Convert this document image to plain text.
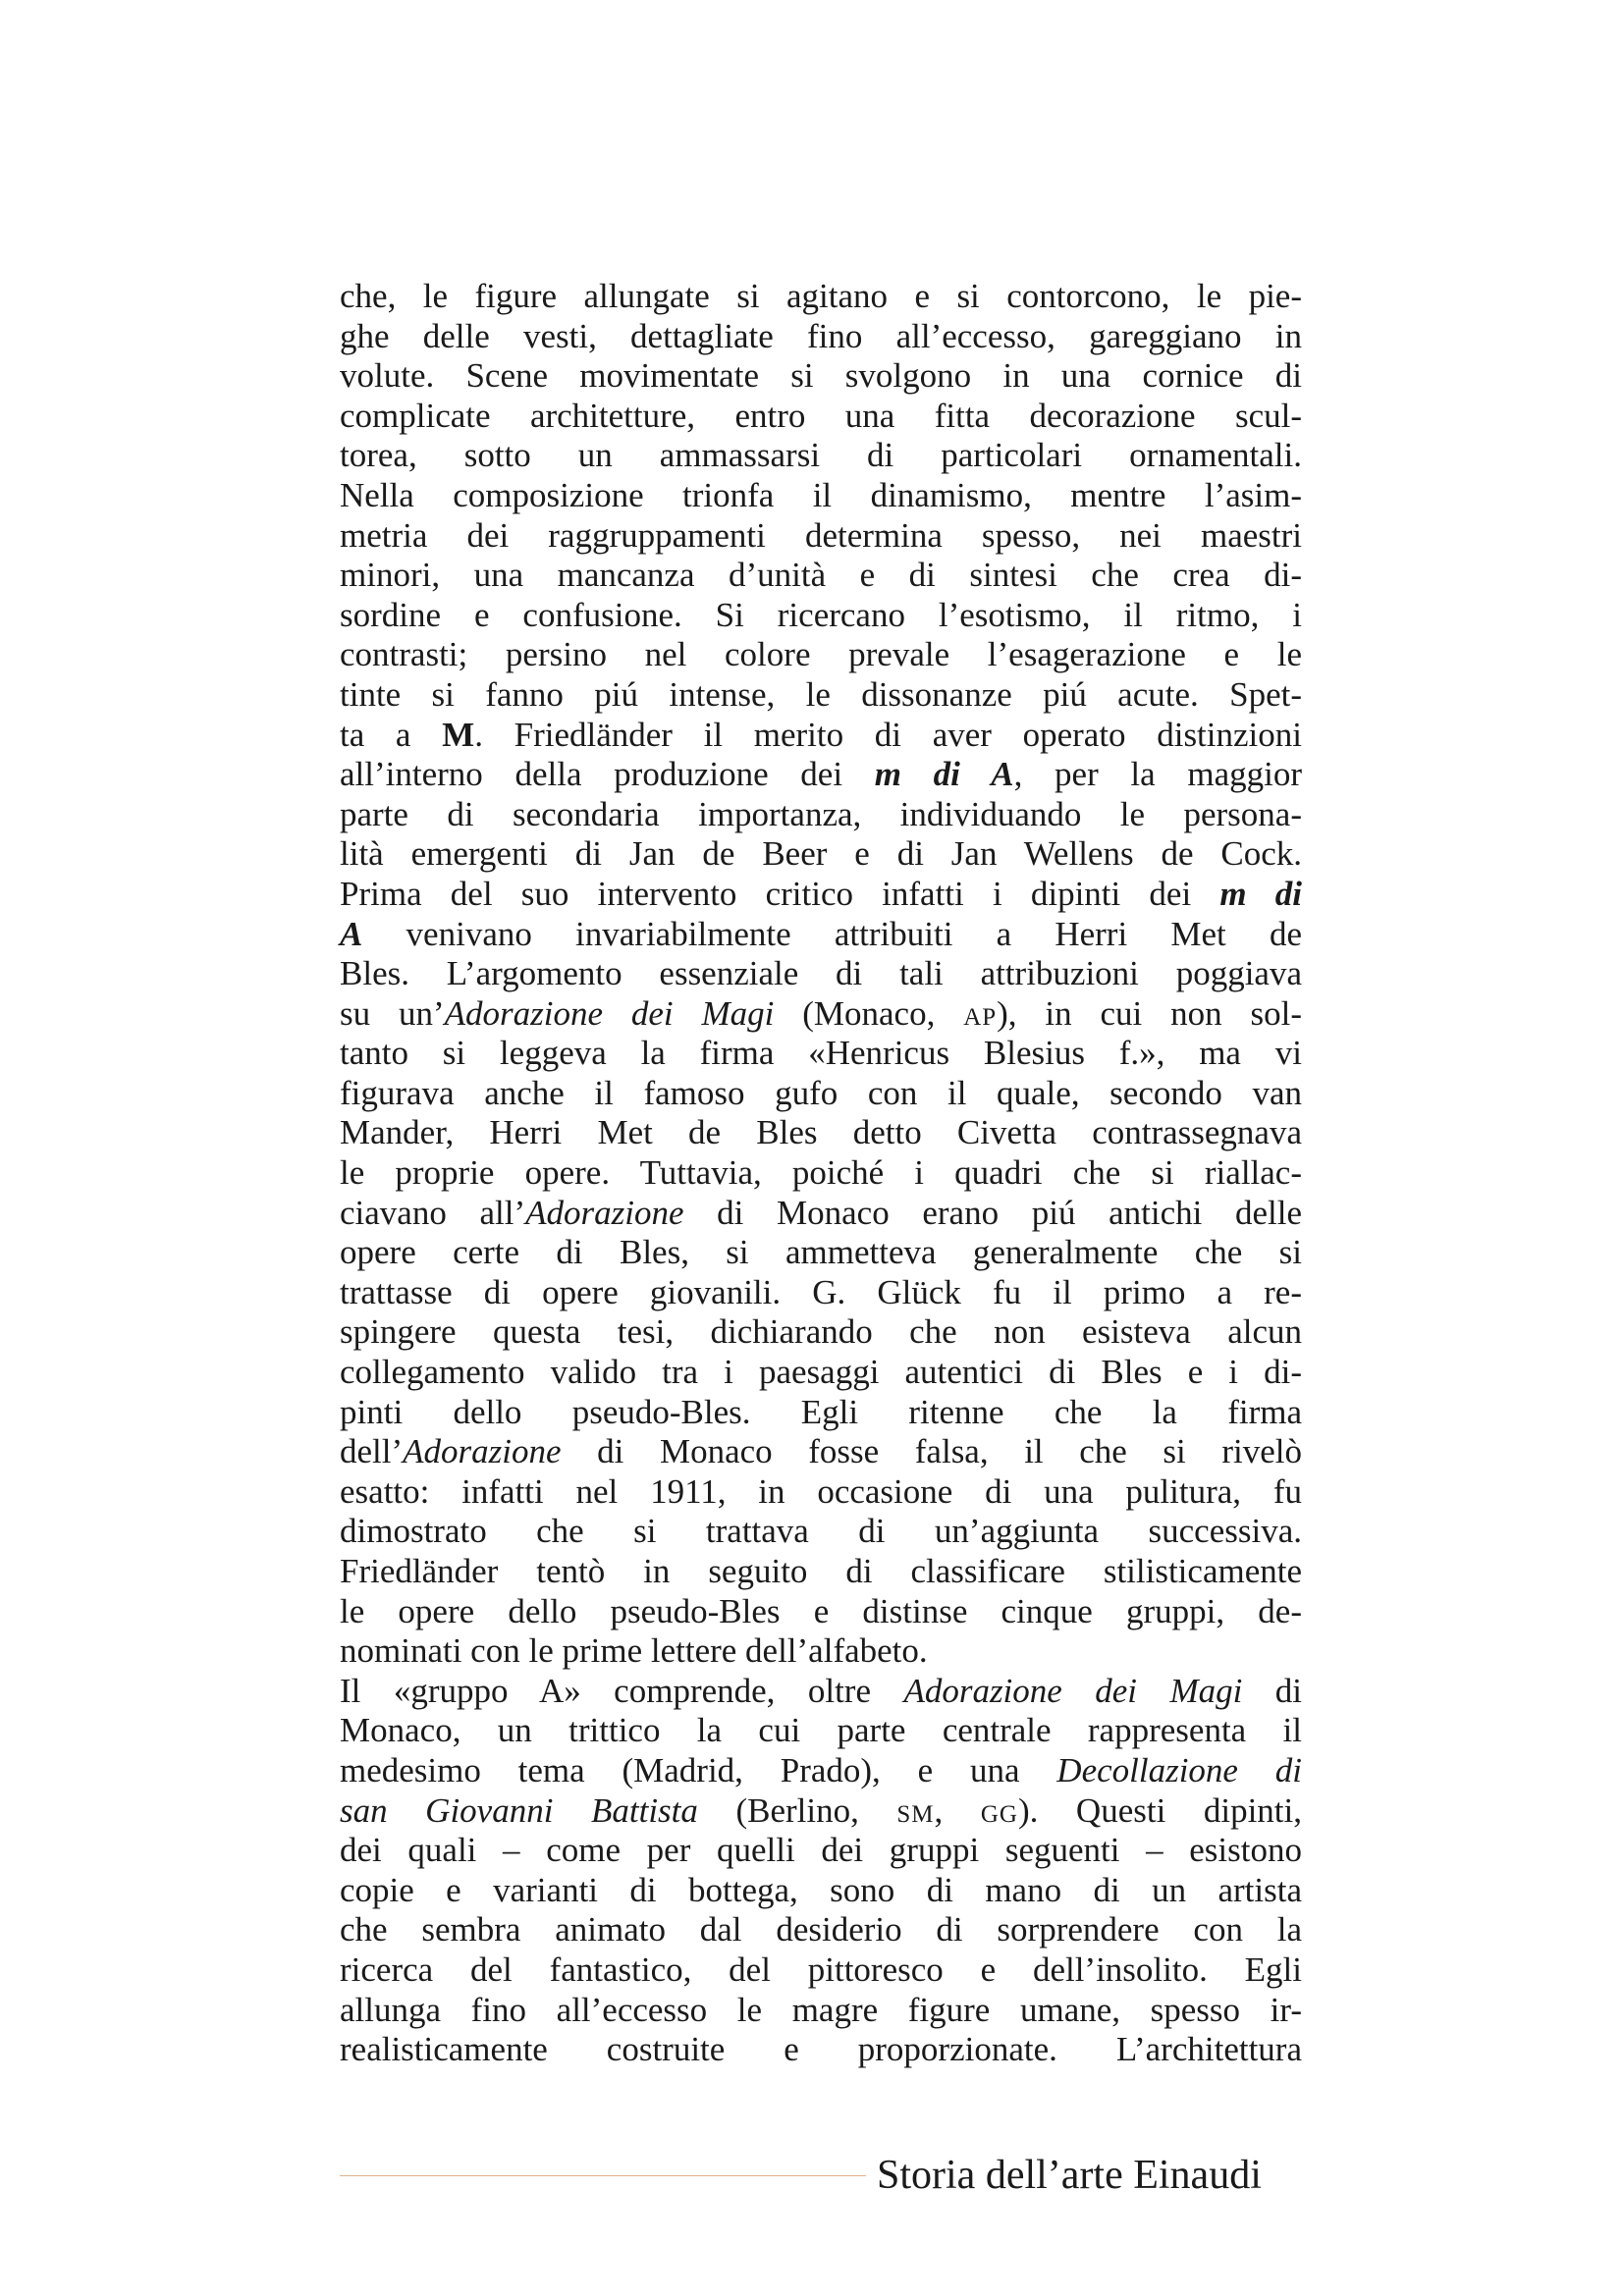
che, le figure allungate si agitano e si contorcono, le pie-
ghe delle vesti, dettagliate fino all’eccesso, gareggiano in
volute. Scene movimentate si svolgono in una cornice di
complicate architetture, entro una fitta decorazione scul-
torea, sotto un ammassarsi di particolari ornamentali.
Nella composizione trionfa il dinamismo, mentre l’asim-
metria dei raggruppamenti determina spesso, nei maestri
minori, una mancanza d’unità e di sintesi che crea di-
sordine e confusione. Si ricercano l’esotismo, il ritmo, i
contrasti; persino nel colore prevale l’esagerazione e le
tinte si fanno piú intense, le dissonanze piú acute. Spet-
ta a M. Friedländer il merito di aver operato distinzioni
all’interno della produzione dei m di A, per la maggior
parte di secondaria importanza, individuando le persona-
lità emergenti di Jan de Beer e di Jan Wellens de Cock.
Prima del suo intervento critico infatti i dipinti dei m di
A venivano invariabilmente attribuiti a Herri Met de
Bles. L’argomento essenziale di tali attribuzioni poggiava
su un’Adorazione dei Magi (Monaco, ap), in cui non sol-
tanto si leggeva la firma «Henricus Blesius f.», ma vi
figurava anche il famoso gufo con il quale, secondo van
Mander, Herri Met de Bles detto Civetta contrassegnava
le proprie opere. Tuttavia, poiché i quadri che si riallac-
ciavano all’Adorazione di Monaco erano piú antichi delle
opere certe di Bles, si ammetteva generalmente che si
trattasse di opere giovanili. G. Glück fu il primo a re-
spingere questa tesi, dichiarando che non esisteva alcun
collegamento valido tra i paesaggi autentici di Bles e i di-
pinti dello pseudo-Bles. Egli ritenne che la firma
dell’Adorazione di Monaco fosse falsa, il che si rivelò
esatto: infatti nel 1911, in occasione di una pulitura, fu
dimostrato che si trattava di un’aggiunta successiva.
Friedländer tentò in seguito di classificare stilisticamente
le opere dello pseudo-Bles e distinse cinque gruppi, de-
nominati con le prime lettere dell’alfabeto.
Il «gruppo A» comprende, oltre Adorazione dei Magi di
Monaco, un trittico la cui parte centrale rappresenta il
medesimo tema (Madrid, Prado), e una Decollazione di
san Giovanni Battista (Berlino, sm, gg). Questi dipinti,
dei quali – come per quelli dei gruppi seguenti – esistono
copie e varianti di bottega, sono di mano di un artista
che sembra animato dal desiderio di sorprendere con la
ricerca del fantastico, del pittoresco e dell’insolito. Egli
allunga fino all’eccesso le magre figure umane, spesso ir-
realisticamente costruite e proporzionate. L’architettura
Storia dell’arte Einaudi
